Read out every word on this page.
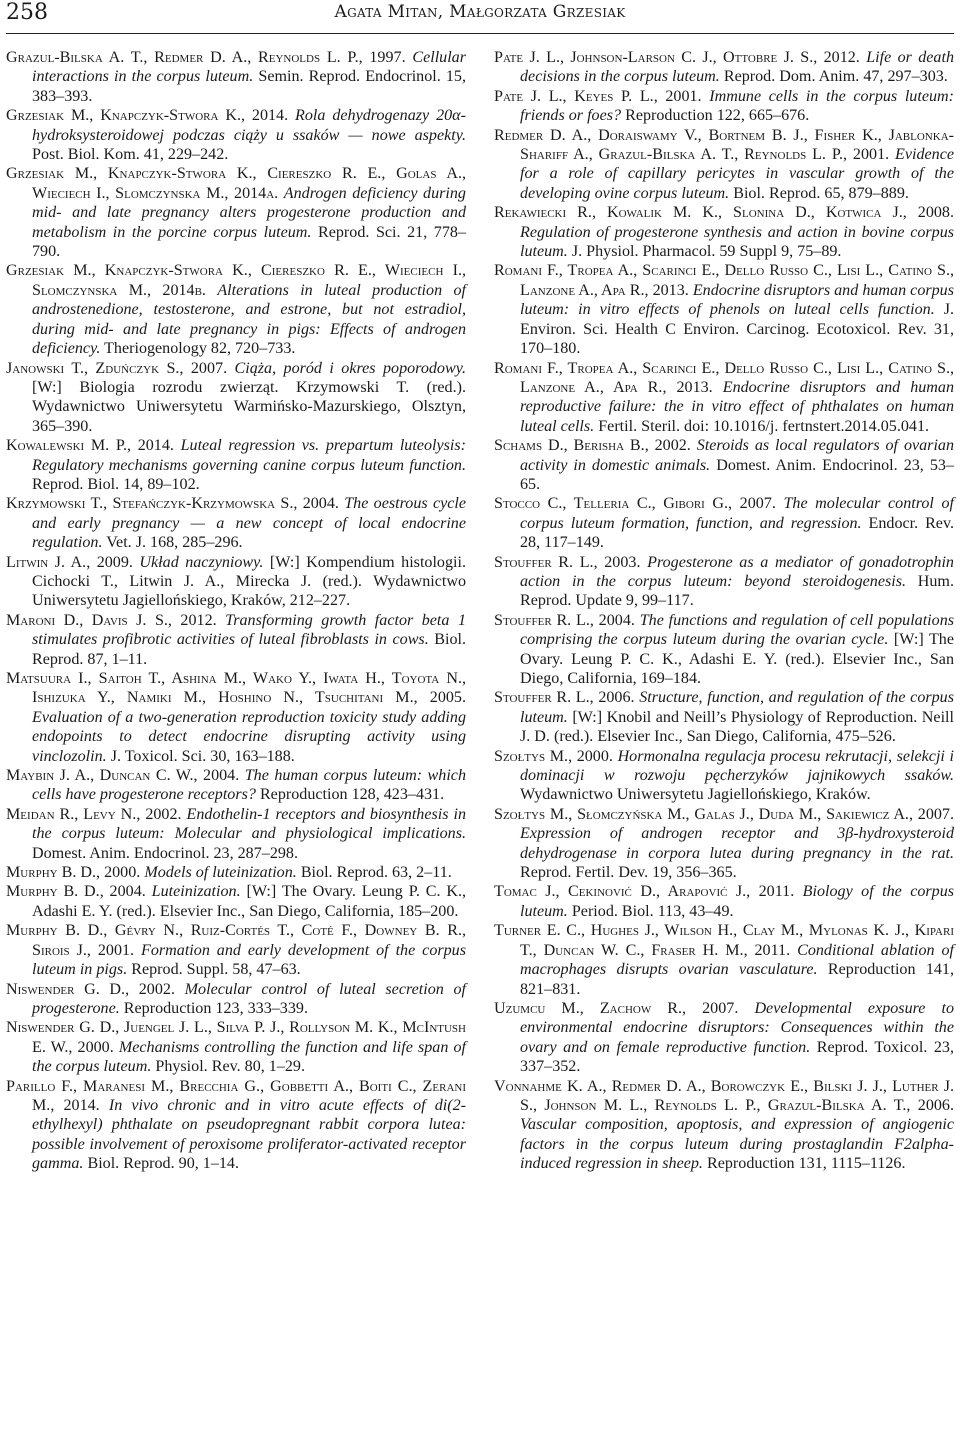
258	Agata Mitan, Małgorzata Grzesiak

Grazul-Bilska A. T., Redmer D. A., Reynolds L. P., 1997. Cellular interactions in the corpus luteum. Semin. Reprod. Endocrinol. 15, 383–393.

Grzesiak M., Knapczyk-Stwora K., 2014. Rola dehydrogenazy 20α-hydroksysteroidowej podczas ciąży u ssaków — nowe aspekty. Post. Biol. Kom. 41, 229–242.

Grzesiak M., Knapczyk-Stwora K., Ciereszko R. E., Golas A., Wieciech I., Slomczynska M., 2014a. Androgen deficiency during mid- and late pregnancy alters progesterone production and metabolism in the porcine corpus luteum. Reprod. Sci. 21, 778–790.

Grzesiak M., Knapczyk-Stwora K., Ciereszko R. E., Wieciech I., Slomczynska M., 2014b. Alterations in luteal production of androstenedione, testosterone, and estrone, but not estradiol, during mid- and late pregnancy in pigs: Effects of androgen deficiency. Theriogenology 82, 720–733.

Janowski T., Zduńczyk S., 2007. Ciąża, poród i okres poporodowy. [W:] Biologia rozrodu zwierząt. Krzymowski T. (red.). Wydawnictwo Uniwersytetu Warmińsko-Mazurskiego, Olsztyn, 365–390.

Kowalewski M. P., 2014. Luteal regression vs. prepartum luteolysis: Regulatory mechanisms governing canine corpus luteum function. Reprod. Biol. 14, 89–102.

Krzymowski T., Stefańczyk-Krzymowska S., 2004. The oestrous cycle and early pregnancy — a new concept of local endocrine regulation. Vet. J. 168, 285–296.

Litwin J. A., 2009. Układ naczyniowy. [W:] Kompendium histologii. Cichocki T., Litwin J. A., Mirecka J. (red.). Wydawnictwo Uniwersytetu Jagiellońskiego, Kraków, 212–227.

Maroni D., Davis J. S., 2012. Transforming growth factor beta 1 stimulates profibrotic activities of luteal fibroblasts in cows. Biol. Reprod. 87, 1–11.

Matsuura I., Saitoh T., Ashina M., Wako Y., Iwata H., Toyota N., Ishizuka Y., Namiki M., Hoshino N., Tsuchitani M., 2005. Evaluation of a two-generation reproduction toxicity study adding endopoints to detect endocrine disrupting activity using vinclozolin. J. Toxicol. Sci. 30, 163–188.

Maybin J. A., Duncan C. W., 2004. The human corpus luteum: which cells have progesterone receptors? Reproduction 128, 423–431.

Meidan R., Levy N., 2002. Endothelin-1 receptors and biosynthesis in the corpus luteum: Molecular and physiological implications. Domest. Anim. Endocrinol. 23, 287–298.

Murphy B. D., 2000. Models of luteinization. Biol. Reprod. 63, 2–11.

Murphy B. D., 2004. Luteinization. [W:] The Ovary. Leung P. C. K., Adashi E. Y. (red.). Elsevier Inc., San Diego, California, 185–200.

Murphy B. D., Gévry N., Ruiz-Cortés T., Coté F., Downey B. R., Sirois J., 2001. Formation and early development of the corpus luteum in pigs. Reprod. Suppl. 58, 47–63.

Niswender G. D., 2002. Molecular control of luteal secretion of progesterone. Reproduction 123, 333–339.

Niswender G. D., Juengel J. L., Silva P. J., Rollyson M. K., McIntush E. W., 2000. Mechanisms controlling the function and life span of the corpus luteum. Physiol. Rev. 80, 1–29.

Parillo F., Maranesi M., Brecchia G., Gobbetti A., Boiti C., Zerani M., 2014. In vivo chronic and in vitro acute effects of di(2-ethylhexyl) phthalate on pseudopregnant rabbit corpora lutea: possible involvement of peroxisome proliferator-activated receptor gamma. Biol. Reprod. 90, 1–14.

Pate J. L., Johnson-Larson C. J., Ottobre J. S., 2012. Life or death decisions in the corpus luteum. Reprod. Dom. Anim. 47, 297–303.

Pate J. L., Keyes P. L., 2001. Immune cells in the corpus luteum: friends or foes? Reproduction 122, 665–676.

Redmer D. A., Doraiswamy V., Bortnem B. J., Fisher K., Jablonka-Shariff A., Grazul-Bilska A. T., Reynolds L. P., 2001. Evidence for a role of capillary pericytes in vascular growth of the developing ovine corpus luteum. Biol. Reprod. 65, 879–889.

Rekawiecki R., Kowalik M. K., Slonina D., Kotwica J., 2008. Regulation of progesterone synthesis and action in bovine corpus luteum. J. Physiol. Pharmacol. 59 Suppl 9, 75–89.

Romani F., Tropea A., Scarinci E., Dello Russo C., Lisi L., Catino S., Lanzone A., Apa R., 2013. Endocrine disruptors and human corpus luteum: in vitro effects of phenols on luteal cells function. J. Environ. Sci. Health C Environ. Carcinog. Ecotoxicol. Rev. 31, 170–180.

Romani F., Tropea A., Scarinci E., Dello Russo C., Lisi L., Catino S., Lanzone A., Apa R., 2013. Endocrine disruptors and human reproductive failure: the in vitro effect of phthalates on human luteal cells. Fertil. Steril. doi: 10.1016/j. fertnstert.2014.05.041.

Schams D., Berisha B., 2002. Steroids as local regulators of ovarian activity in domestic animals. Domest. Anim. Endocrinol. 23, 53–65.

Stocco C., Telleria C., Gibori G., 2007. The molecular control of corpus luteum formation, function, and regression. Endocr. Rev. 28, 117–149.

Stouffer R. L., 2003. Progesterone as a mediator of gonadotrophin action in the corpus luteum: beyond steroidogenesis. Hum. Reprod. Update 9, 99–117.

Stouffer R. L., 2004. The functions and regulation of cell populations comprising the corpus luteum during the ovarian cycle. [W:] The Ovary. Leung P. C. K., Adashi E. Y. (red.). Elsevier Inc., San Diego, California, 169–184.

Stouffer R. L., 2006. Structure, function, and regulation of the corpus luteum. [W:] Knobil and Neill’s Physiology of Reproduction. Neill J. D. (red.). Elsevier Inc., San Diego, California, 475–526.

Szołtys M., 2000. Hormonalna regulacja procesu rekrutacji, selekcji i dominacji w rozwoju pęcherzyków jajnikowych ssaków. Wydawnictwo Uniwersytetu Jagiellońskiego, Kraków.

Szołtys M., Słomczyńska M., Galas J., Duda M., Sakiewicz A., 2007. Expression of androgen receptor and 3β-hydroxysteroid dehydrogenase in corpora lutea during pregnancy in the rat. Reprod. Fertil. Dev. 19, 356–365.

Tomac J., Cekinović D., Arapović J., 2011. Biology of the corpus luteum. Period. Biol. 113, 43–49.

Turner E. C., Hughes J., Wilson H., Clay M., Mylonas K. J., Kipari T., Duncan W. C., Fraser H. M., 2011. Conditional ablation of macrophages disrupts ovarian vasculature. Reproduction 141, 821–831.

Uzumcu M., Zachow R., 2007. Developmental exposure to environmental endocrine disruptors: Consequences within the ovary and on female reproductive function. Reprod. Toxicol. 23, 337–352.

Vonnahme K. A., Redmer D. A., Borowczyk E., Bilski J. J., Luther J. S., Johnson M. L., Reynolds L. P., Grazul-Bilska A. T., 2006. Vascular composition, apoptosis, and expression of angiogenic factors in the corpus luteum during prostaglandin F2alpha-induced regression in sheep. Reproduction 131, 1115–1126.
